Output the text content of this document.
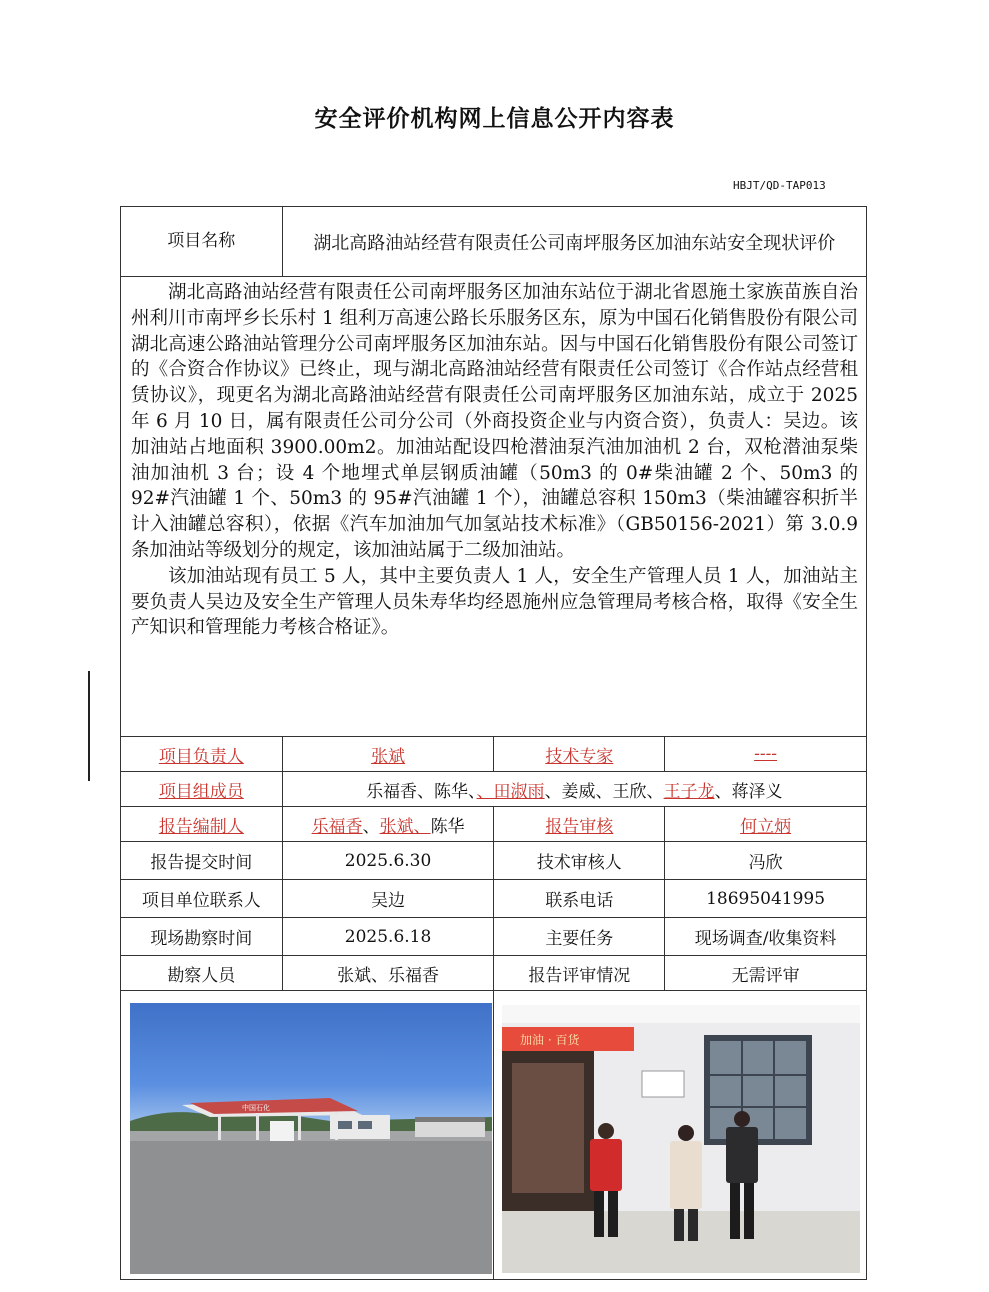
安全评价机构网上信息公开内容表
HBJT/QD-TAP013
项目名称	湖北高路油站经营有限责任公司南坪服务区加油东站安全现状评价		

湖北高路油站经营有限责任公司南坪服务区加油东站位于湖北省恩施土家族苗族自治州利川市南坪乡长乐村 1 组利万高速公路长乐服务区东，原为中国石化销售股份有限公司湖北高速公路油站管理分公司南坪服务区加油东站。因与中国石化销售股份有限公司签订的《合资合作协议》已终止，现与湖北高路油站经营有限责任公司签订《合作站点经营租赁协议》，现更名为湖北高路油站经营有限责任公司南坪服务区加油东站，成立于 2025 年 6 月 10 日，属有限责任公司分公司（外商投资企业与内资合资），负责人：吴边。该加油站占地面积 3900.00m2。加油站配设四枪潜油泵汽油加油机 2 台，双枪潜油泵柴油加油机 3 台；设 4 个地埋式单层钢质油罐（50m3 的 0#柴油罐 2 个、50m3 的 92#汽油罐 1 个、50m3 的 95#汽油罐 1 个），油罐总容积 150m3（柴油罐容积折半计入油罐总容积），依据《汽车加油加气加氢站技术标准》（GB50156-2021）第 3.0.9 条加油站等级划分的规定，该加油站属于二级加油站。

该加油站现有员工 5 人，其中主要负责人 1 人，安全生产管理人员 1 人，加油站主要负责人吴边及安全生产管理人员朱寿华均经恩施州应急管理局考核合格，取得《安全生产知识和管理能力考核合格证》。			

项目负责人	张斌	技术专家	----
项目组成员	乐福香、陈华、、田淑雨、姜威、王欣、王子龙、蒋泽义		
报告编制人	乐福香、张斌、陈华	报告审核	何立炳
报告提交时间	2025.6.30	技术审核人	冯欣
项目单位联系人	吴边	联系电话	18695041995
现场勘察时间	2025.6.18	主要任务	现场调查/收集资料
勘察人员	张斌、乐福香	报告评审情况	无需评审

中国石化		加油 · 百货	
